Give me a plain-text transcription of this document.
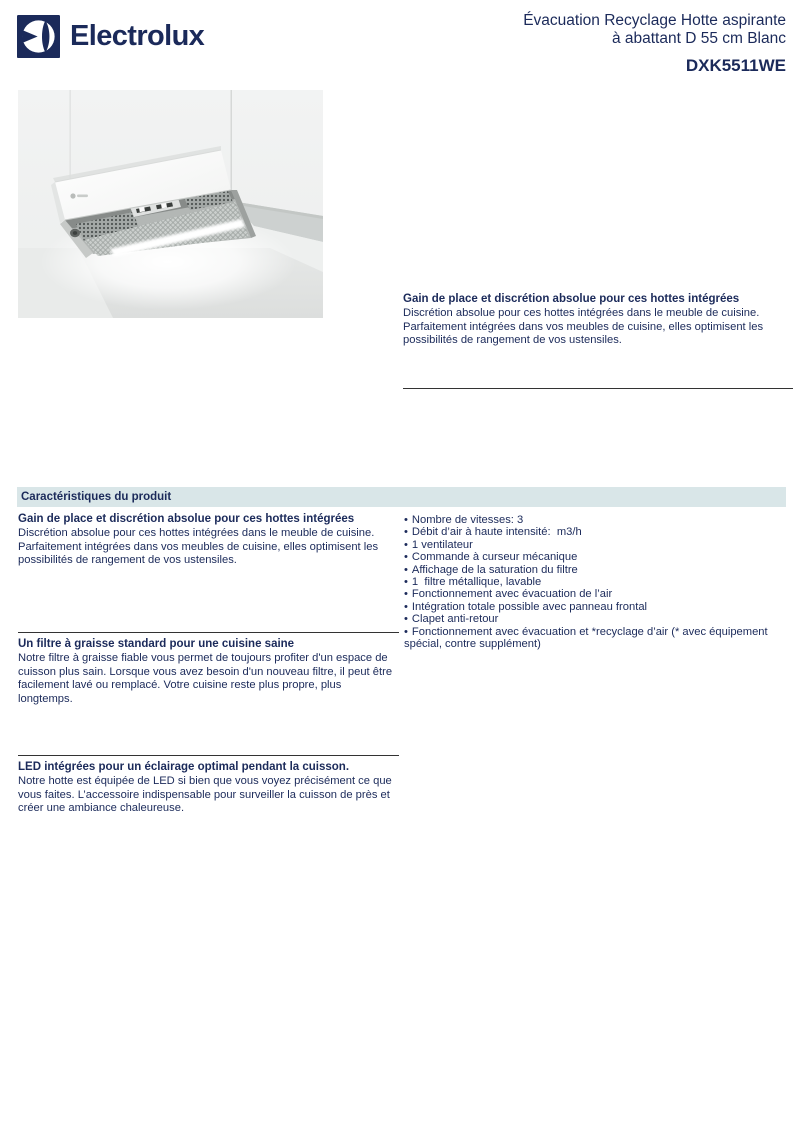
Electrolux	Évacuation Recyclage Hotte aspirante
à abattant D 55 cm Blanc
DXK5511WE
Gain de place et discrétion absolue pour ces hottes intégrées

Discrétion absolue pour ces hottes intégrées dans le meuble de cuisine. Parfaitement intégrées dans vos meubles de cuisine, elles optimisent les possibilités de rangement de vos ustensiles.

Caractéristiques du produit
Gain de place et discrétion absolue pour ces hottes intégrées

Discrétion absolue pour ces hottes intégrées dans le meuble de cuisine. Parfaitement intégrées dans vos meubles de cuisine, elles optimisent les possibilités de rangement de vos ustensiles.

Un filtre à graisse standard pour une cuisine saine

Notre filtre à graisse fiable vous permet de toujours profiter d'un espace de cuisson plus sain. Lorsque vous avez besoin d'un nouveau filtre, il peut être facilement lavé ou remplacé. Votre cuisine reste plus propre, plus longtemps.

LED intégrées pour un éclairage optimal pendant la cuisson.

Notre hotte est équipée de LED si bien que vous voyez précisément ce que vous faites. L’accessoire indispensable pour surveiller la cuisson de près et créer une ambiance chaleureuse.

• Nombre de vitesses: 3
• Débit d’air à haute intensité:  m3/h
• 1 ventilateur
• Commande à curseur mécanique
• Affichage de la saturation du filtre
• 1  filtre métallique, lavable
• Fonctionnement avec évacuation de l’air
• Intégration totale possible avec panneau frontal
• Clapet anti-retour
• Fonctionnement avec évacuation et *recyclage d’air (* avec équipement spécial, contre supplément)
